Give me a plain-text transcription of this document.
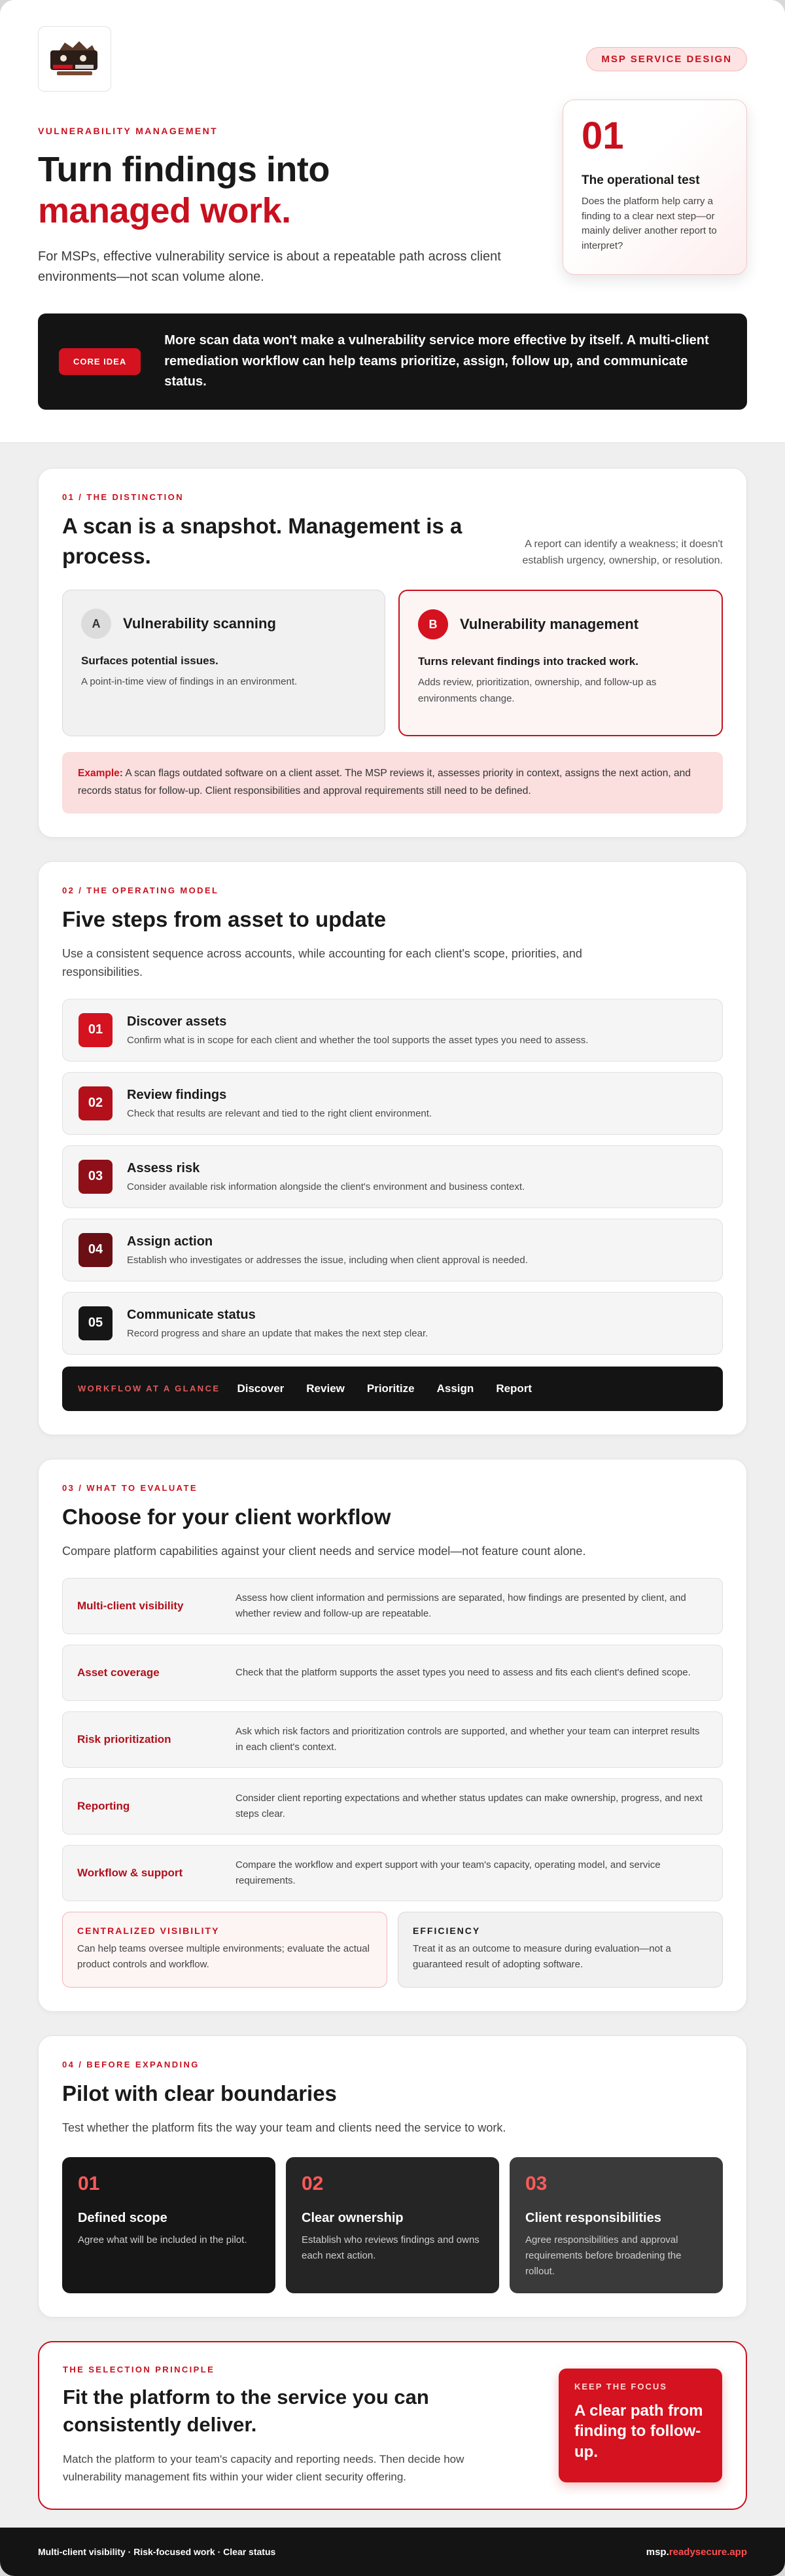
MSP SERVICE DESIGN
VULNERABILITY MANAGEMENT
Turn findings into
managed work.

For MSPs, effective vulnerability service is about a repeatable path across client environments—not scan volume alone.

01
The operational test
Does the platform help carry a finding to a clear next step—or mainly deliver another report to interpret?
CORE IDEA
More scan data won't make a vulnerability service more effective by itself. A multi-client remediation workflow can help teams prioritize, assign, follow up, and communicate status.
01 / THE DISTINCTION
A scan is a snapshot. Management is a process.	A report can identify a weakness; it doesn't establish urgency, ownership, or resolution.

A	Vulnerability scanning
Surfaces potential issues.
A point-in-time view of findings in an environment.
B	Vulnerability management
Turns relevant findings into tracked work.
Adds review, prioritization, ownership, and follow-up as environments change.
Example: A scan flags outdated software on a client asset. The MSP reviews it, assesses priority in context, assigns the next action, and records status for follow-up. Client responsibilities and approval requirements still need to be defined.
02 / THE OPERATING MODEL
Five steps from asset to update

Use a consistent sequence across accounts, while accounting for each client's scope, priorities, and responsibilities.

01
Discover assets
Confirm what is in scope for each client and whether the tool supports the asset types you need to assess.
02
Review findings
Check that results are relevant and tied to the right client environment.
03
Assess risk
Consider available risk information alongside the client's environment and business context.
04
Assign action
Establish who investigates or addresses the issue, including when client approval is needed.
05
Communicate status
Record progress and share an update that makes the next step clear.
WORKFLOW AT A GLANCE Discover Review Prioritize Assign Report
03 / WHAT TO EVALUATE
Choose for your client workflow

Compare platform capabilities against your client needs and service model—not feature count alone.

Multi-client visibility
Assess how client information and permissions are separated, how findings are presented by client, and whether review and follow-up are repeatable.
Asset coverage	Check that the platform supports the asset types you need to assess and fits each client's defined scope.
Risk prioritization
Ask which risk factors and prioritization controls are supported, and whether your team can interpret results in each client's context.
Reporting
Consider client reporting expectations and whether status updates can make ownership, progress, and next steps clear.
Workflow & support
Compare the workflow and expert support with your team's capacity, operating model, and service requirements.
CENTRALIZED VISIBILITY
Can help teams oversee multiple environments; evaluate the actual product controls and workflow.
EFFICIENCY
Treat it as an outcome to measure during evaluation—not a guaranteed result of adopting software.
04 / BEFORE EXPANDING
Pilot with clear boundaries

Test whether the platform fits the way your team and clients need the service to work.

01
Defined scope
Agree what will be included in the pilot.
02
Clear ownership
Establish who reviews findings and owns each next action.
03
Client responsibilities
Agree responsibilities and approval requirements before broadening the rollout.
THE SELECTION PRINCIPLE
Fit the platform to the service you can consistently deliver.

Match the platform to your team's capacity and reporting needs. Then decide how vulnerability management fits within your wider client security offering.

KEEP THE FOCUS
A clear path from finding to follow-up.
Multi-client visibility · Risk-focused work · Clear status	msp.readysecure.app
